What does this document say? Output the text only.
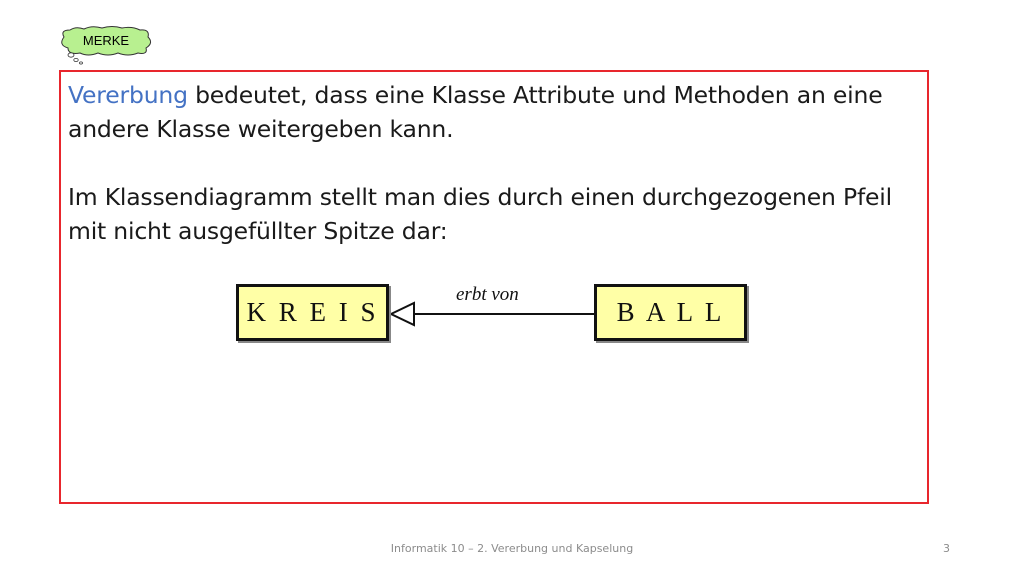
MERKE
Vererbung bedeutet, dass eine Klasse Attribute und Methoden an eine andere Klasse weitergeben kann.
Im Klassendiagramm stellt man dies durch einen durchgezogenen Pfeil mit nicht ausgefüllter Spitze dar:
K R E I S	B A L L
erbt von
Informatik 10 – 2. Vererbung und Kapselung	3
